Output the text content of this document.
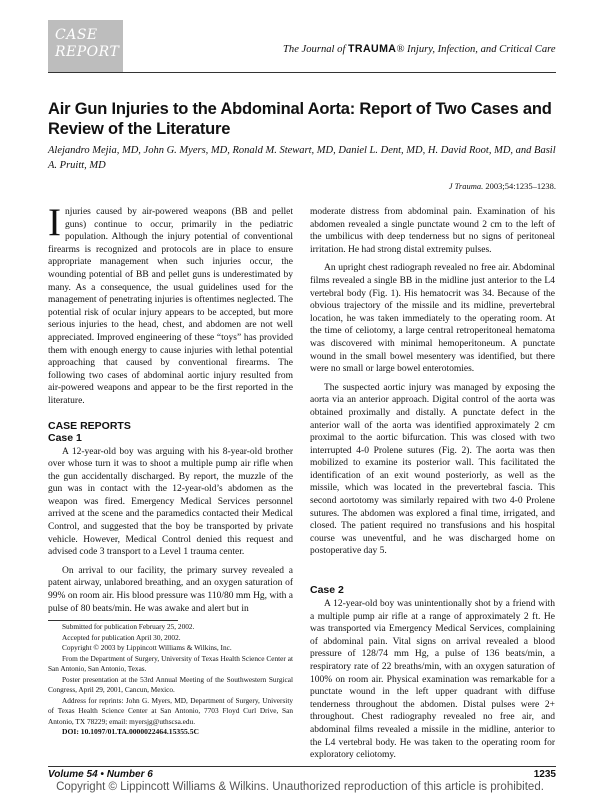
CASE
REPORT	The Journal of TRAUMA® Injury, Infection, and Critical Care
Air Gun Injuries to the Abdominal Aorta: Report of Two Cases and Review of the Literature
Alejandro Mejia, MD, John G. Myers, MD, Ronald M. Stewart, MD, Daniel L. Dent, MD, H. David Root, MD, and Basil A. Pruitt, MD
J Trauma. 2003;54:1235–1238.

Injuries caused by air-powered weapons (BB and pellet guns) continue to occur, primarily in the pediatric population. Although the injury potential of conventional firearms is recognized and protocols are in place to ensure appropriate management when such injuries occur, the wounding potential of BB and pellet guns is underestimated by many. As a consequence, the usual guidelines used for the management of penetrating injuries is oftentimes neglected. The potential risk of ocular injury appears to be accepted, but more serious injuries to the head, chest, and abdomen are not well appreciated. Improved engineering of these “toys” has provided them with enough energy to cause injuries with lethal potential approaching that caused by conventional firearms. The following two cases of abdominal aortic injury resulted from air-powered weapons and appear to be the first reported in the literature.

CASE REPORTS
Case 1

A 12-year-old boy was arguing with his 8-year-old brother over whose turn it was to shoot a multiple pump air rifle when the gun accidentally discharged. By report, the muzzle of the gun was in contact with the 12-year-old’s abdomen as the weapon was fired. Emergency Medical Services personnel arrived at the scene and the paramedics contacted their Medical Control, and suggested that the boy be transported by private vehicle. However, Medical Control denied this request and advised code 3 transport to a Level 1 trauma center.

On arrival to our facility, the primary survey revealed a patent airway, unlabored breathing, and an oxygen saturation of 99% on room air. His blood pressure was 110/80 mm Hg, with a pulse of 80 beats/min. He was awake and alert but in

Submitted for publication February 25, 2002.

Accepted for publication April 30, 2002.

Copyright © 2003 by Lippincott Williams & Wilkins, Inc.

From the Department of Surgery, University of Texas Health Science Center at San Antonio, San Antonio, Texas.

Poster presentation at the 53rd Annual Meeting of the Southwestern Surgical Congress, April 29, 2001, Cancun, Mexico.

Address for reprints: John G. Myers, MD, Department of Surgery, University of Texas Health Science Center at San Antonio, 7703 Floyd Curl Drive, San Antonio, TX 78229; email: myersjg@uthscsa.edu.

DOI: 10.1097/01.TA.0000022464.15355.5C

moderate distress from abdominal pain. Examination of his abdomen revealed a single punctate wound 2 cm to the left of the umbilicus with deep tenderness but no signs of peritoneal irritation. He had strong distal extremity pulses.

An upright chest radiograph revealed no free air. Abdominal films revealed a single BB in the midline just anterior to the L4 vertebral body (Fig. 1). His hematocrit was 34. Because of the obvious trajectory of the missile and its midline, prevertebral location, he was taken immediately to the operating room. At the time of celiotomy, a large central retroperitoneal hematoma was discovered with minimal hemoperitoneum. A punctate wound in the small bowel mesentery was identified, but there were no small or large bowel enterotomies.

The suspected aortic injury was managed by exposing the aorta via an anterior approach. Digital control of the aorta was obtained proximally and distally. A punctate defect in the anterior wall of the aorta was identified approximately 2 cm proximal to the aortic bifurcation. This was closed with two interrupted 4-0 Prolene sutures (Fig. 2). The aorta was then mobilized to examine its posterior wall. This facilitated the identification of an exit wound posteriorly, as well as the missile, which was located in the prevertebral fascia. This second aortotomy was similarly repaired with two 4-0 Prolene sutures. The abdomen was explored a final time, irrigated, and closed. The patient required no transfusions and his hospital course was uneventful, and he was discharged home on postoperative day 5.

Case 2

A 12-year-old boy was unintentionally shot by a friend with a multiple pump air rifle at a range of approximately 2 ft. He was transported via Emergency Medical Services, complaining of abdominal pain. Vital signs on arrival revealed a blood pressure of 128/74 mm Hg, a pulse of 136 beats/min, a respiratory rate of 22 breaths/min, with an oxygen saturation of 100% on room air. Physical examination was remarkable for a punctate wound in the left upper quadrant with diffuse tenderness throughout the abdomen. Distal pulses were 2+ throughout. Chest radiography revealed no free air, and abdominal films revealed a missile in the midline, anterior to the L4 vertebral body. He was taken to the operating room for exploratory celiotomy.

Volume 54 • Number 6	1235
Copyright © Lippincott Williams & Wilkins. Unauthorized reproduction of this article is prohibited.
